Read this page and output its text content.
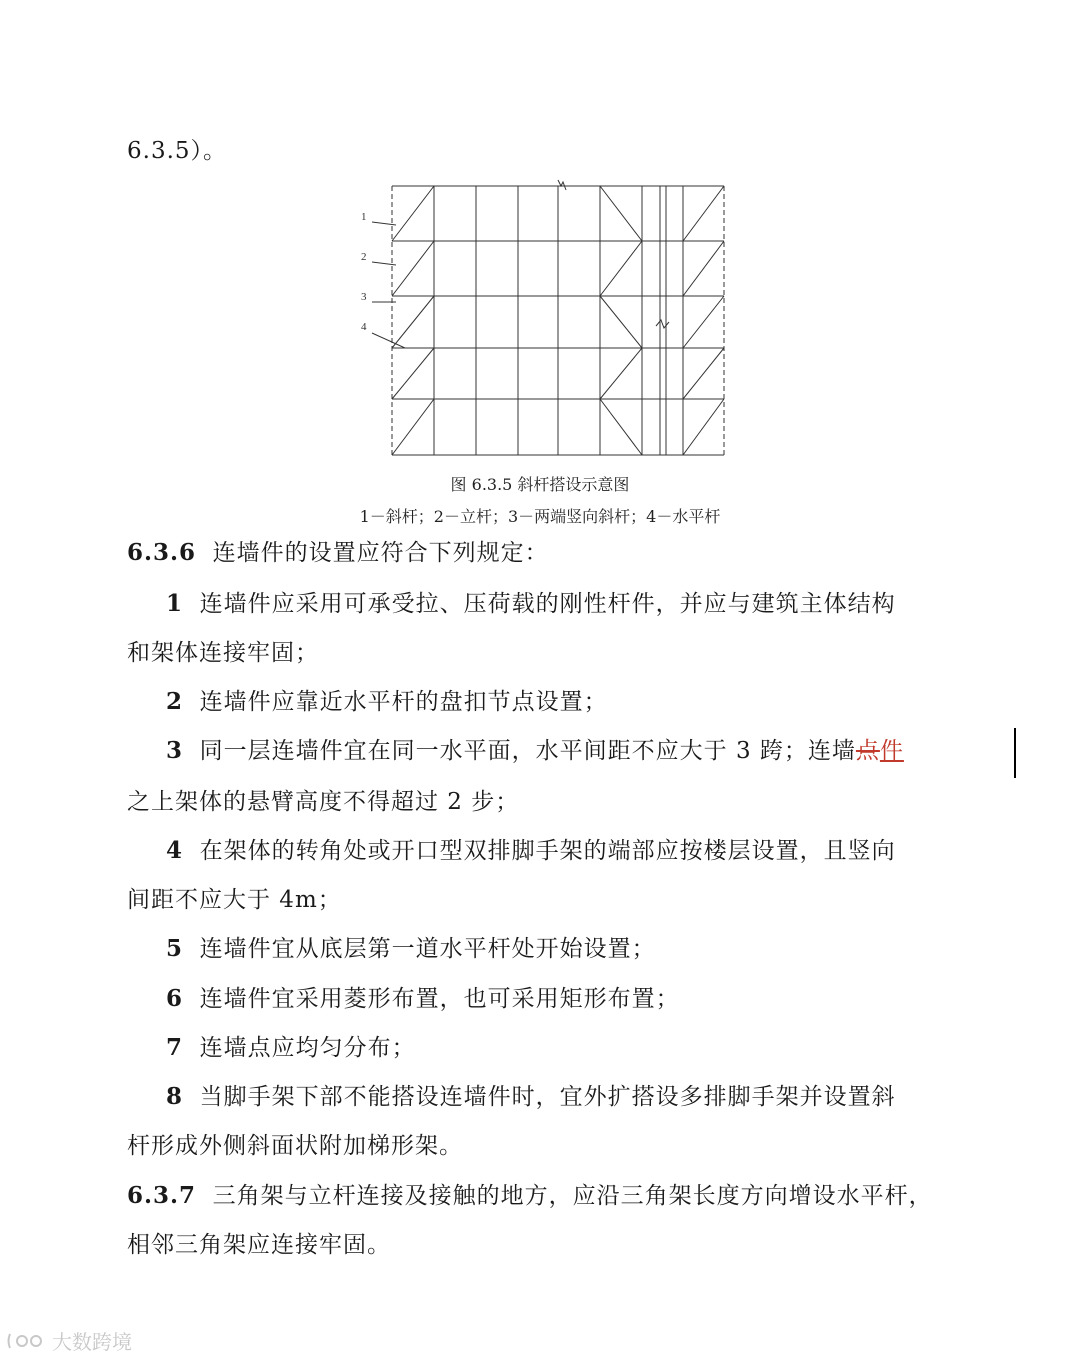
6.3.5）。
1
2
3
4
图 6.3.5 斜杆搭设示意图
1－斜杆；2－立杆；3－两端竖向斜杆；4－水平杆
6.3.6 连墙件的设置应符合下列规定：
1 连墙件应采用可承受拉、压荷载的刚性杆件，并应与建筑主体结构
和架体连接牢固；
2 连墙件应靠近水平杆的盘扣节点设置；
3 同一层连墙件宜在同一水平面，水平间距不应大于 3 跨；连墙点件
之上架体的悬臂高度不得超过 2 步；
4 在架体的转角处或开口型双排脚手架的端部应按楼层设置，且竖向
间距不应大于 4m；
5 连墙件宜从底层第一道水平杆处开始设置；
6 连墙件宜采用菱形布置，也可采用矩形布置；
7 连墙点应均匀分布；
8 当脚手架下部不能搭设连墙件时，宜外扩搭设多排脚手架并设置斜
杆形成外侧斜面状附加梯形架。
6.3.7 三角架与立杆连接及接触的地方，应沿三角架长度方向增设水平杆，
相邻三角架应连接牢固。
大数跨境
